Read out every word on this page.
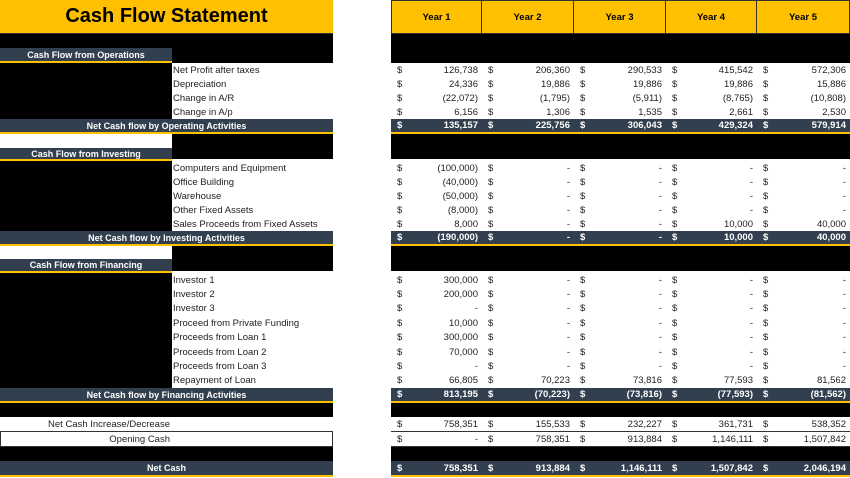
Cash Flow Statement	Year 1	Year 2	Year 3	Year 4	Year 5
Cash Flow from Operations
Net Profit after taxes	$	126,738	$	206,360	$	290,533	$	415,542	$	572,306
Depreciation	$	24,336	$	19,886	$	19,886	$	19,886	$	15,886
Change in A/R	$	(22,072)	$	(1,795)	$	(5,911)	$	(8,765)	$	(10,808)
Change in A/p	$	6,156	$	1,306	$	1,535	$	2,661	$	2,530
Net Cash flow by Operating Activities	$	135,157	$	225,756	$	306,043	$	429,324	$	579,914
Cash Flow from Investing
Computers and Equipment	$	(100,000)	$	-	$	-	$	-	$	-
Office Building	$	(40,000)	$	-	$	-	$	-	$	-
Warehouse	$	(50,000)	$	-	$	-	$	-	$	-
Other Fixed Assets	$	(8,000)	$	-	$	-	$	-	$	-
Sales Proceeds from Fixed Assets	$	8,000	$	-	$	-	$	10,000	$	40,000
Net Cash flow by Investing Activities	$	(190,000)	$	-	$	-	$	10,000	$	40,000
Cash Flow from Financing
Investor 1	$	300,000	$	-	$	-	$	-	$	-
Investor 2	$	200,000	$	-	$	-	$	-	$	-
Investor 3	$	-	$	-	$	-	$	-	$	-
Proceed from Private Funding	$	10,000	$	-	$	-	$	-	$	-
Proceeds from Loan 1	$	300,000	$	-	$	-	$	-	$	-
Proceeds from Loan 2	$	70,000	$	-	$	-	$	-	$	-
Proceeds from Loan 3	$	-	$	-	$	-	$	-	$	-
Repayment of Loan	$	66,805	$	70,223	$	73,816	$	77,593	$	81,562
Net Cash flow by Financing Activities	$	813,195	$	(70,223)	$	(73,816)	$	(77,593)	$	(81,562)
Net Cash Increase/Decrease	$	758,351	$	155,533	$	232,227	$	361,731	$	538,352
Opening Cash	$	-	$	758,351	$	913,884	$	1,146,111	$	1,507,842
Net Cash	$	758,351	$	913,884	$	1,146,111	$	1,507,842	$	2,046,194
